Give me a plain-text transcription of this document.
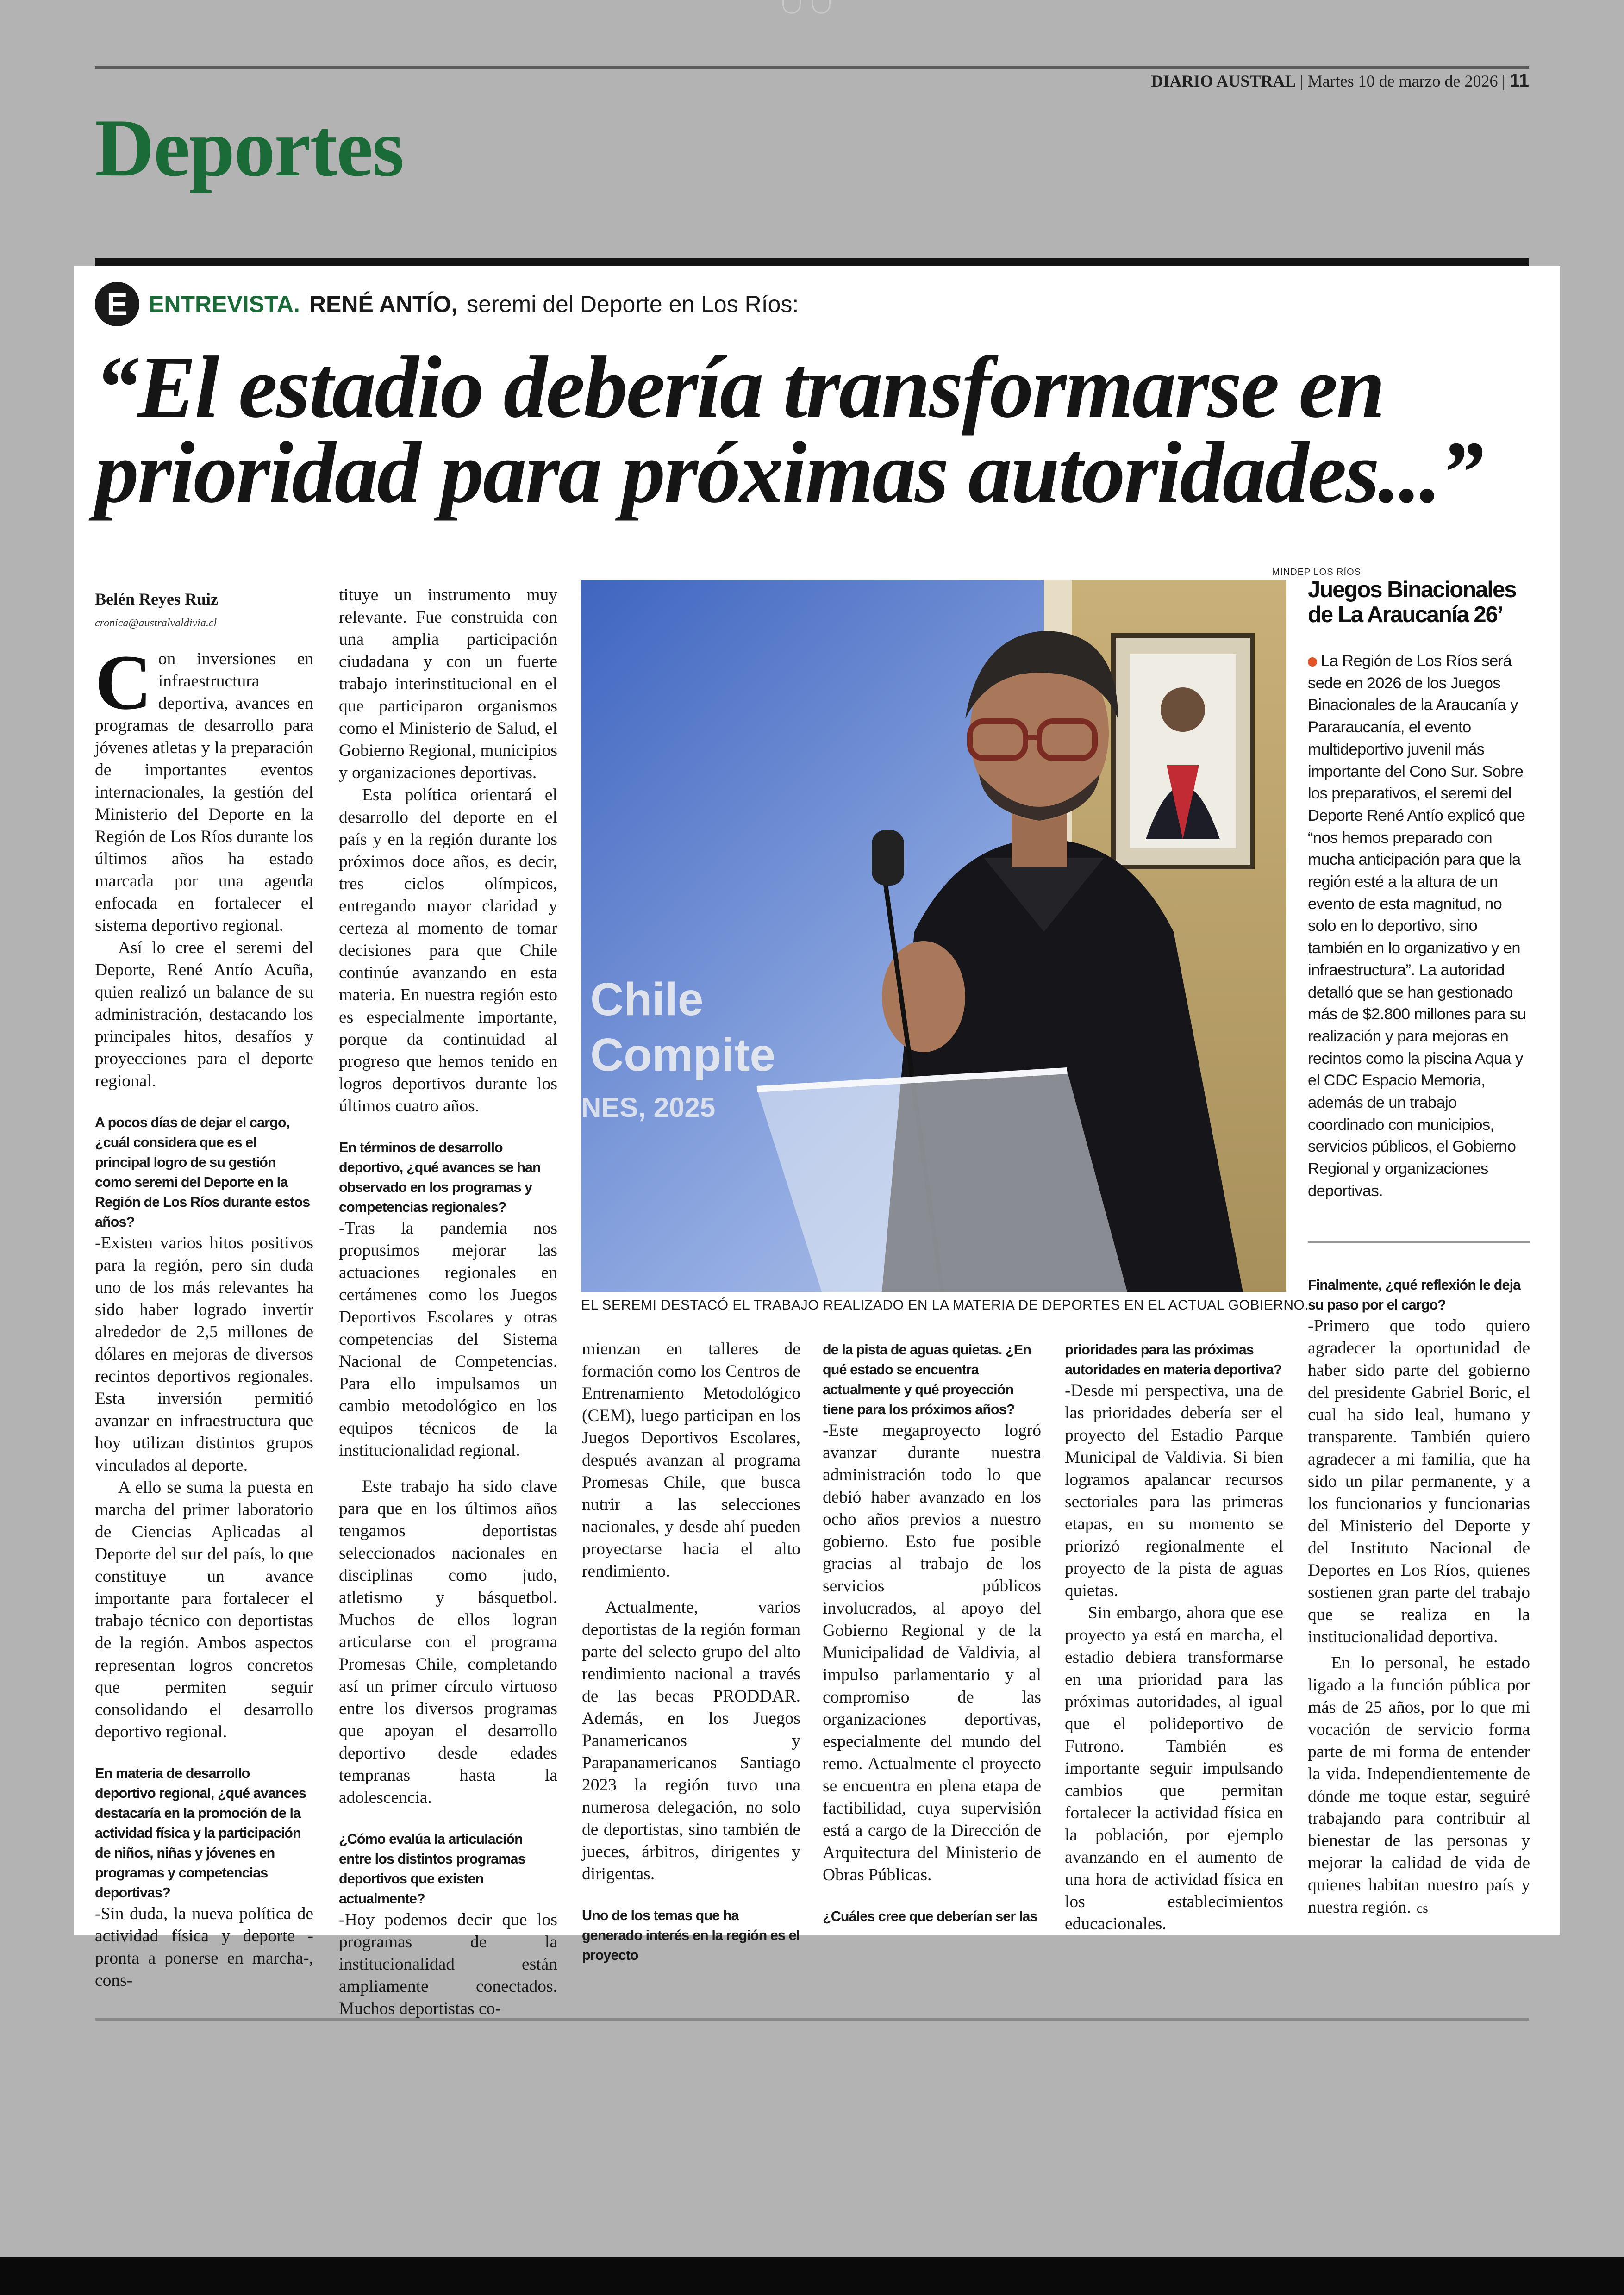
DIARIO AUSTRAL | Martes 10 de marzo de 2026 | 11
Deportes
E ENTREVISTA. RENÉ ANTÍO, seremi del Deporte en Los Ríos:
“El estadio debería transformarse en prioridad para próximas autoridades...”

Belén Reyes Ruiz

cronica@australvaldivia.cl

Con inversiones en infraestructura deportiva, avances en programas de desarrollo para jóvenes atletas y la preparación de importantes eventos internacionales, la gestión del Ministerio del Deporte en la Región de Los Ríos durante los últimos años ha estado marcada por una agenda enfocada en fortalecer el sistema deportivo regional.

Así lo cree el seremi del Deporte, René Antío Acuña, quien realizó un balance de su administración, destacando los principales hitos, desafíos y proyecciones para el deporte regional.

A pocos días de dejar el cargo, ¿cuál considera que es el principal logro de su gestión como seremi del Deporte en la Región de Los Ríos durante estos años?

-Existen varios hitos positivos para la región, pero sin duda uno de los más relevantes ha sido haber logrado invertir alrededor de 2,5 millones de dólares en mejoras de diversos recintos deportivos regionales. Esta inversión permitió avanzar en infraestructura que hoy utilizan distintos grupos vinculados al deporte.

A ello se suma la puesta en marcha del primer laboratorio de Ciencias Aplicadas al Deporte del sur del país, lo que constituye un avance importante para fortalecer el trabajo técnico con deportistas de la región. Ambos aspectos representan logros concretos que permiten seguir consolidando el desarrollo deportivo regional.

En materia de desarrollo deportivo regional, ¿qué avances destacaría en la promoción de la actividad física y la participación de niños, niñas y jóvenes en programas y competencias deportivas?

-Sin duda, la nueva política de actividad física y deporte -pronta a ponerse en marcha-, cons-

tituye un instrumento muy relevante. Fue construida con una amplia participación ciudadana y con un fuerte trabajo interinstitucional en el que participaron organismos como el Ministerio de Salud, el Gobierno Regional, municipios y organizaciones deportivas.

Esta política orientará el desarrollo del deporte en el país y en la región durante los próximos doce años, es decir, tres ciclos olímpicos, entregando mayor claridad y certeza al momento de tomar decisiones para que Chile continúe avanzando en esta materia. En nuestra región esto es especialmente importante, porque da continuidad al progreso que hemos tenido en logros deportivos durante los últimos cuatro años.

En términos de desarrollo deportivo, ¿qué avances se han observado en los programas y competencias regionales?

-Tras la pandemia nos propusimos mejorar las actuaciones regionales en certámenes como los Juegos Deportivos Escolares y otras competencias del Sistema Nacional de Competencias. Para ello impulsamos un cambio metodológico en los equipos técnicos de la institucionalidad regional.

Este trabajo ha sido clave para que en los últimos años tengamos deportistas seleccionados nacionales en disciplinas como judo, atletismo y básquetbol. Muchos de ellos logran articularse con el programa Promesas Chile, completando así un primer círculo virtuoso entre los diversos programas que apoyan el desarrollo deportivo desde edades tempranas hasta la adolescencia.

¿Cómo evalúa la articulación entre los distintos programas deportivos que existen actualmente?

-Hoy podemos decir que los programas de la institucionalidad están ampliamente conectados. Muchos deportistas co-

MINDEP LOS RÍOS
Chile
Compite
NES, 2025
EL SEREMI DESTACÓ EL TRABAJO REALIZADO EN LA MATERIA DE DEPORTES EN EL ACTUAL GOBIERNO.

mienzan en talleres de formación como los Centros de Entrenamiento Metodológico (CEM), luego participan en los Juegos Deportivos Escolares, después avanzan al programa Promesas Chile, que busca nutrir a las selecciones nacionales, y desde ahí pueden proyectarse hacia el alto rendimiento.

Actualmente, varios deportistas de la región forman parte del selecto grupo del alto rendimiento nacional a través de las becas PRODDAR. Además, en los Juegos Panamericanos y Parapanamericanos Santiago 2023 la región tuvo una numerosa delegación, no solo de deportistas, sino también de jueces, árbitros, dirigentes y dirigentas.

Uno de los temas que ha generado interés en la región es el proyecto

de la pista de aguas quietas. ¿En qué estado se encuentra actualmente y qué proyección tiene para los próximos años?

-Este megaproyecto logró avanzar durante nuestra administración todo lo que debió haber avanzado en los ocho años previos a nuestro gobierno. Esto fue posible gracias al trabajo de los servicios públicos involucrados, al apoyo del Gobierno Regional y de la Municipalidad de Valdivia, al impulso parlamentario y al compromiso de las organizaciones deportivas, especialmente del mundo del remo. Actualmente el proyecto se encuentra en plena etapa de factibilidad, cuya supervisión está a cargo de la Dirección de Arquitectura del Ministerio de Obras Públicas.

¿Cuáles cree que deberían ser las

prioridades para las próximas autoridades en materia deportiva?

-Desde mi perspectiva, una de las prioridades debería ser el proyecto del Estadio Parque Municipal de Valdivia. Si bien logramos apalancar recursos sectoriales para las primeras etapas, en su momento se priorizó regionalmente el proyecto de la pista de aguas quietas.

Sin embargo, ahora que ese proyecto ya está en marcha, el estadio debiera transformarse en una prioridad para las próximas autoridades, al igual que el polideportivo de Futrono. También es importante seguir impulsando cambios que permitan fortalecer la actividad física en la población, por ejemplo avanzando en el aumento de una hora de actividad física en los establecimientos educacionales.

Juegos Binacionales de La Araucanía 26’
La Región de Los Ríos será sede en 2026 de los Juegos Binacionales de la Araucanía y Pararaucanía, el evento multideportivo juvenil más importante del Cono Sur. Sobre los preparativos, el seremi del Deporte René Antío explicó que “nos hemos preparado con mucha anticipación para que la región esté a la altura de un evento de esta magnitud, no solo en lo deportivo, sino también en lo organizativo y en infraestructura”. La autoridad detalló que se han gestionado más de $2.800 millones para su realización y para mejoras en recintos como la piscina Aqua y el CDC Espacio Memoria, además de un trabajo coordinado con municipios, servicios públicos, el Gobierno Regional y organizaciones deportivas.

Finalmente, ¿qué reflexión le deja su paso por el cargo?

-Primero que todo quiero agradecer la oportunidad de haber sido parte del gobierno del presidente Gabriel Boric, el cual ha sido leal, humano y transparente. También quiero agradecer a mi familia, que ha sido un pilar permanente, y a los funcionarios y funcionarias del Ministerio del Deporte y del Instituto Nacional de Deportes en Los Ríos, quienes sostienen gran parte del trabajo que se realiza en la institucionalidad deportiva.

En lo personal, he estado ligado a la función pública por más de 25 años, por lo que mi vocación de servicio forma parte de mi forma de entender la vida. Independientemente de dónde me toque estar, seguiré trabajando para contribuir al bienestar de las personas y mejorar la calidad de vida de quienes habitan nuestro país y nuestra región. cs
